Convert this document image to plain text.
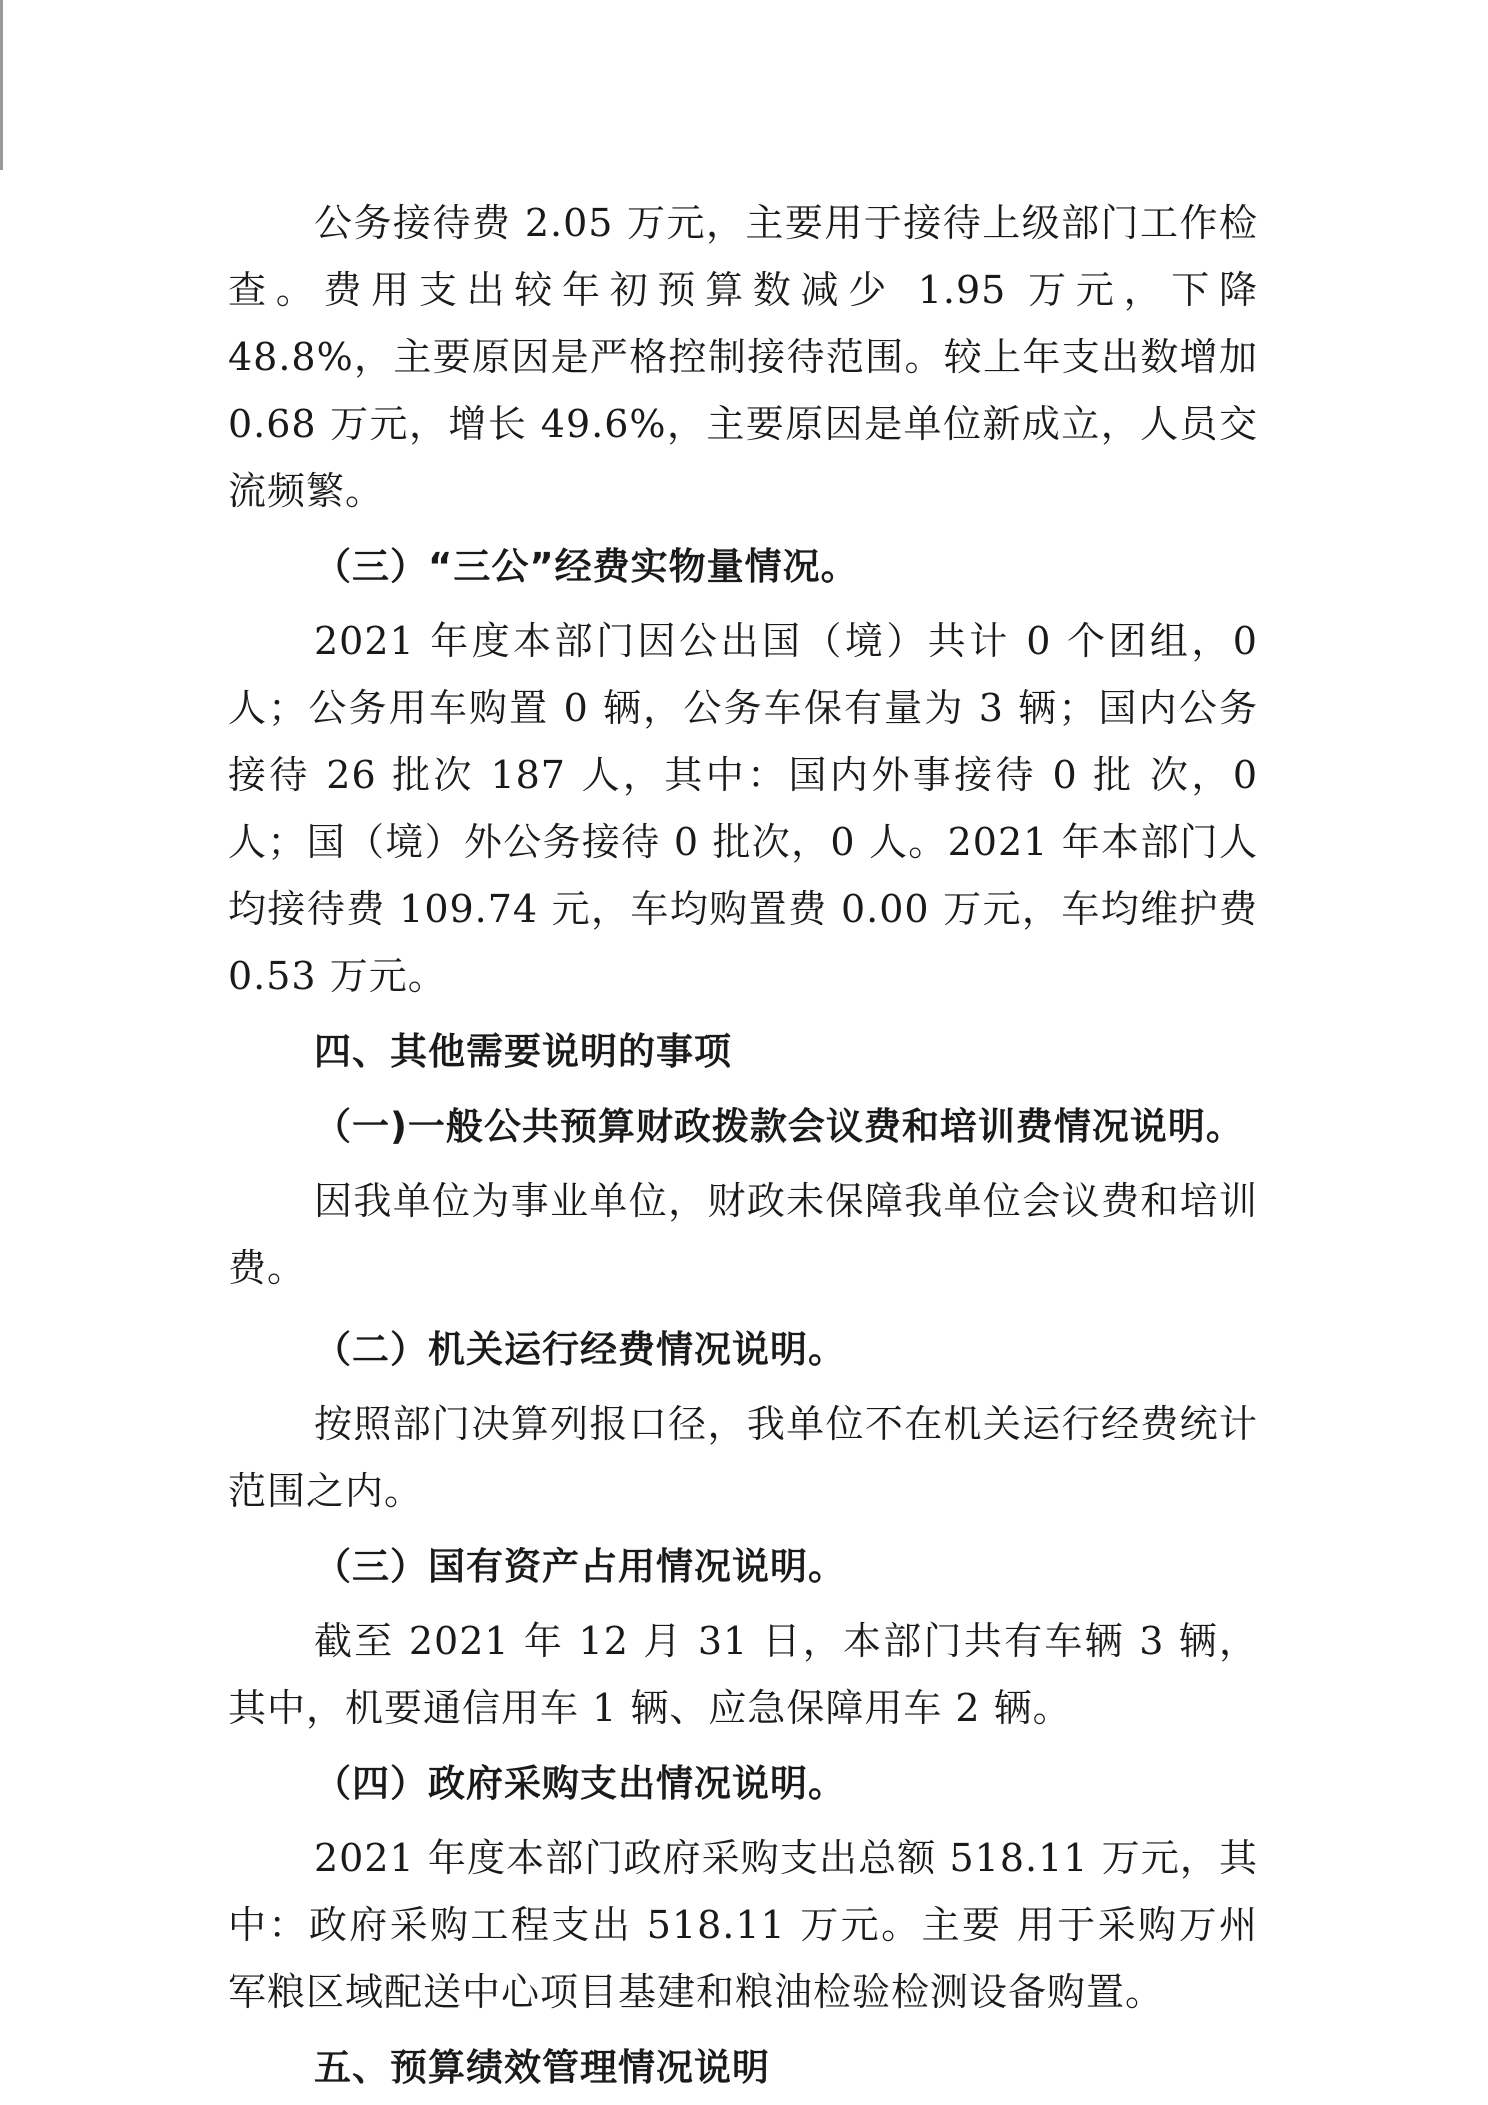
公务接待费 2.05 万元，主要用于接待上级部门工作检查。费用支出较年初预算数减少 1.95 万元，下降 48.8%，主要原因是严格控制接待范围。较上年支出数增加 0.68 万元，增长 49.6%，主要原因是单位新成立，人员交流频繁。

（三）“三公”经费实物量情况。

2021 年度本部门因公出国（境）共计 0 个团组，0 人；公务用车购置 0 辆，公务车保有量为 3 辆；国内公务接待 26 批次 187 人，其中：国内外事接待 0 批 次，0 人；国（境）外公务接待 0 批次，0 人。2021 年本部门人均接待费 109.74 元，车均购置费 0.00 万元，车均维护费 0.53 万元。

四、其他需要说明的事项

（一)一般公共预算财政拨款会议费和培训费情况说明。

因我单位为事业单位，财政未保障我单位会议费和培训费。

（二）机关运行经费情况说明。

按照部门决算列报口径，我单位不在机关运行经费统计范围之内。

（三）国有资产占用情况说明。

截至 2021 年 12 月 31 日，本部门共有车辆 3 辆，其中，机要通信用车 1 辆、应急保障用车 2 辆。

（四）政府采购支出情况说明。

2021 年度本部门政府采购支出总额 518.11 万元，其中：政府采购工程支出 518.11 万元。主要 用于采购万州军粮区域配送中心项目基建和粮油检验检测设备购置。

五、预算绩效管理情况说明
